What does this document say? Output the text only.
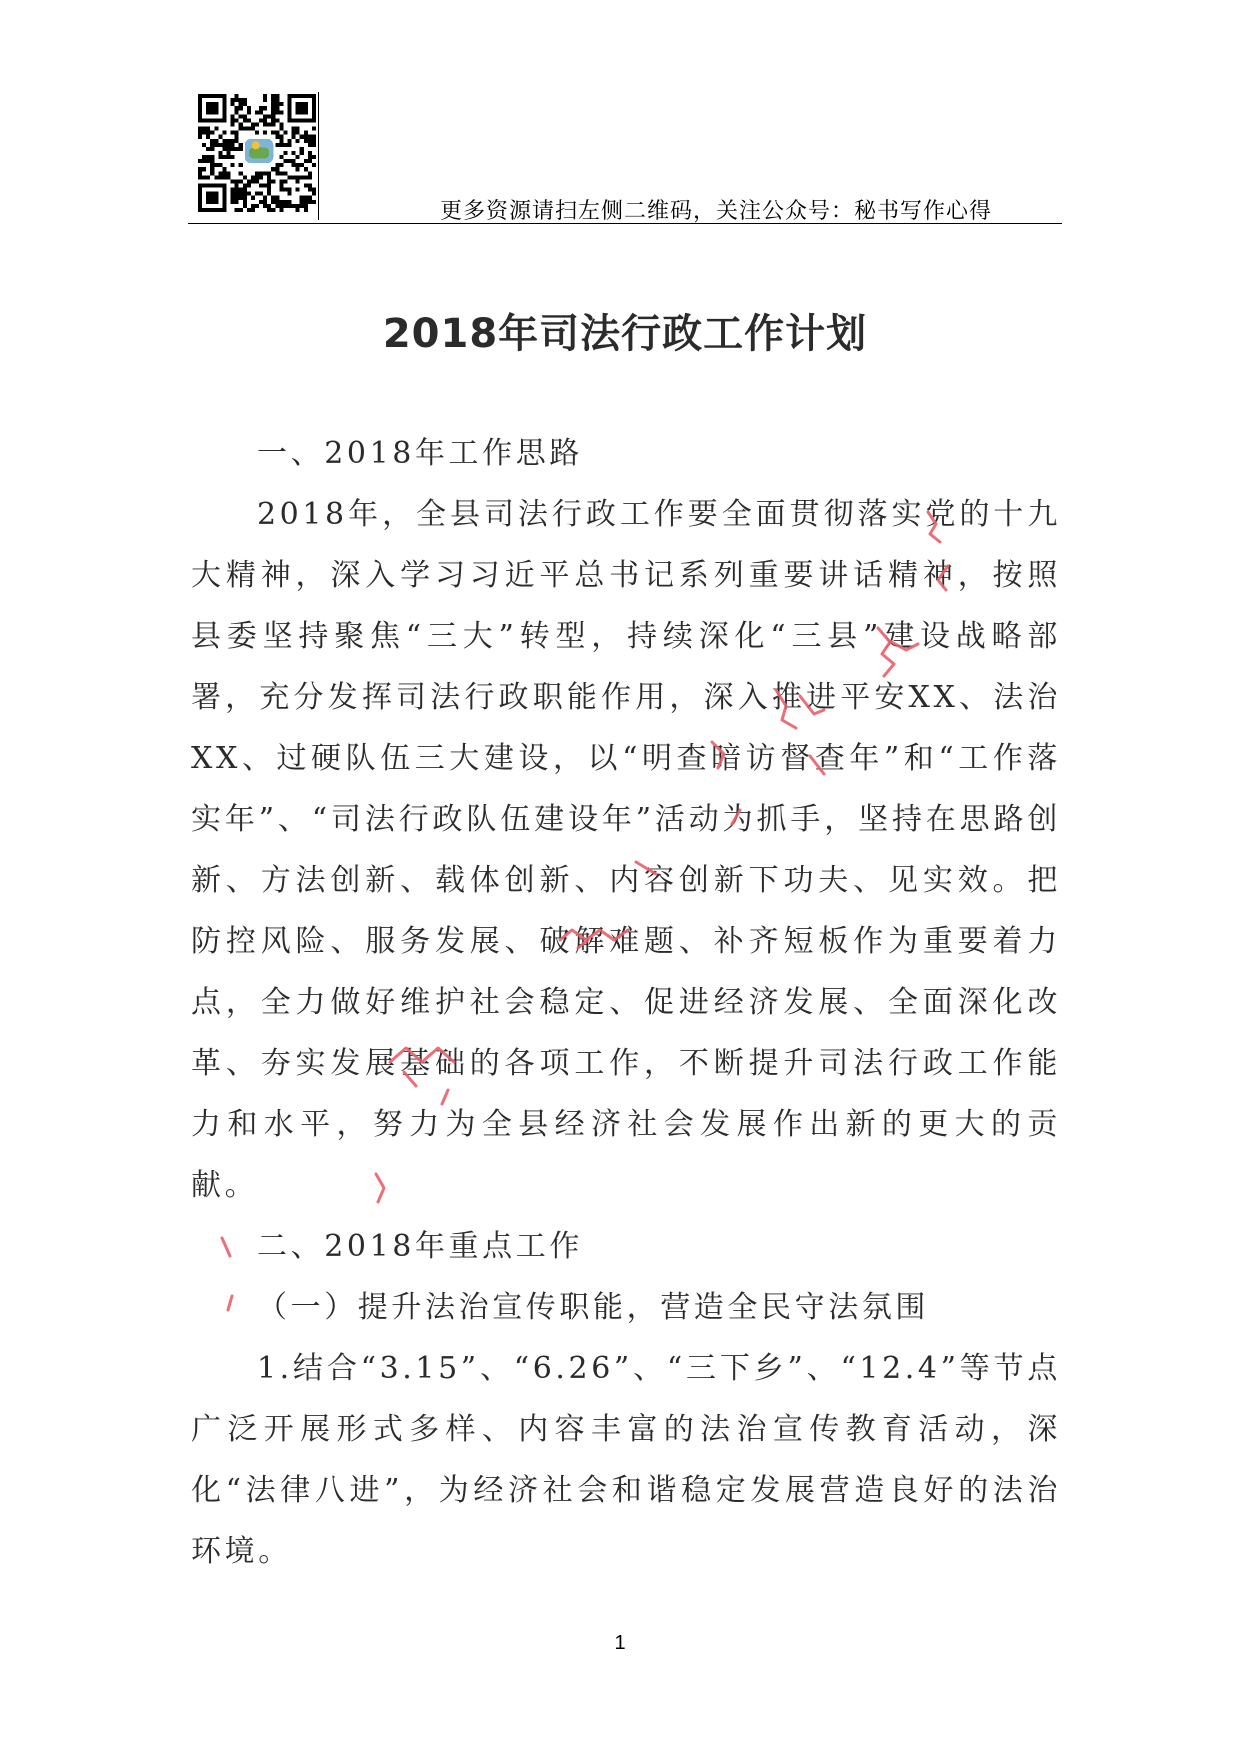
更多资源请扫左侧二维码，关注公众号：秘书写作心得
2018年司法行政工作计划

一、2018年工作思路

2018年，全县司法行政工作要全面贯彻落实党的十九大精神，深入学习习近平总书记系列重要讲话精神，按照县委坚持聚焦“三大”转型，持续深化“三县”建设战略部署，充分发挥司法行政职能作用，深入推进平安XX、法治XX、过硬队伍三大建设，以“明查暗访督查年”和“工作落实年”、“司法行政队伍建设年”活动为抓手，坚持在思路创新、方法创新、载体创新、内容创新下功夫、见实效。把防控风险、服务发展、破解难题、补齐短板作为重要着力点，全力做好维护社会稳定、促进经济发展、全面深化改革、夯实发展基础的各项工作，不断提升司法行政工作能力和水平，努力为全县经济社会发展作出新的更大的贡献。

二、2018年重点工作

（一）提升法治宣传职能，营造全民守法氛围

1.结合“3.15”、“6.26”、“三下乡”、“12.4”等节点广泛开展形式多样、内容丰富的法治宣传教育活动，深化“法律八进”，为经济社会和谐稳定发展营造良好的法治环境。

1
